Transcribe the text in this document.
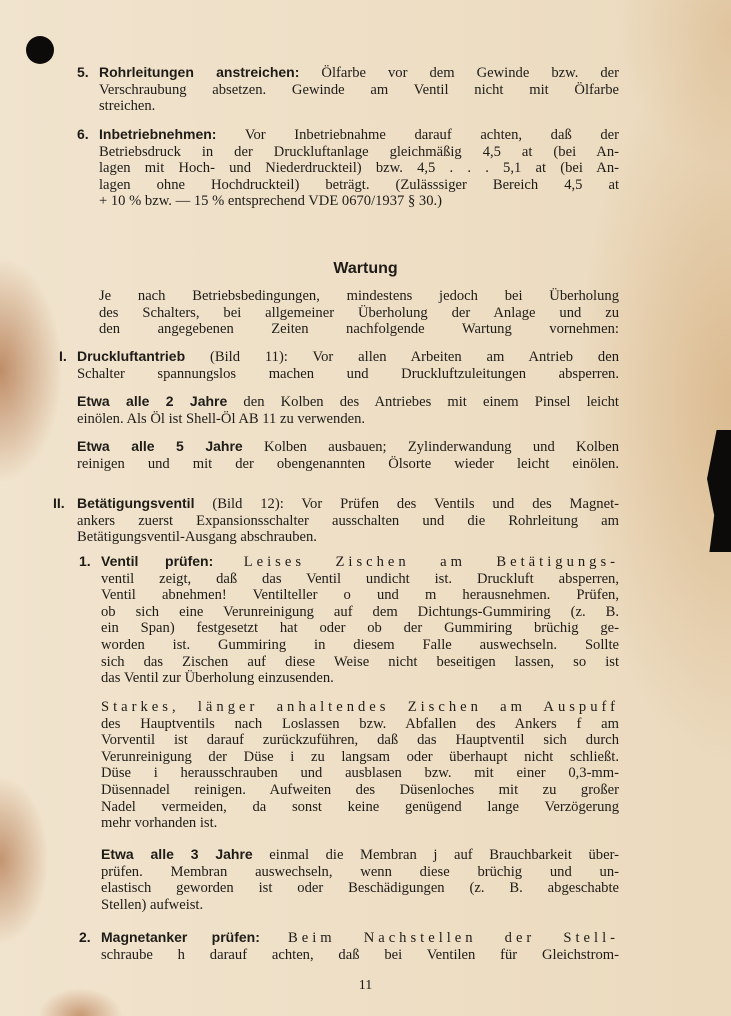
5. Rohrleitungen anstreichen: Ölfarbe vor dem Gewinde bzw. der
Verschraubung absetzen. Gewinde am Ventil nicht mit Ölfarbe
streichen.
6. Inbetriebnehmen: Vor Inbetriebnahme darauf achten, daß der
Betriebsdruck in der Druckluftanlage gleichmäßig 4,5 at (bei An-
lagen mit Hoch- und Niederdruckteil) bzw. 4,5 . . . 5,1 at (bei An-
lagen ohne Hochdruckteil) beträgt. (Zulässsiger Bereich 4,5 at
+ 10 % bzw. — 15 % entsprechend VDE 0670/1937 § 30.)
Wartung
Je nach Betriebsbedingungen, mindestens jedoch bei Überholung
des Schalters, bei allgemeiner Überholung der Anlage und zu
den angegebenen Zeiten nachfolgende Wartung vornehmen:
I. Druckluftantrieb (Bild 11): Vor allen Arbeiten am Antrieb den
Schalter spannungslos machen und Druckluftzuleitungen absperren.
Etwa alle 2 Jahre den Kolben des Antriebes mit einem Pinsel leicht
einölen. Als Öl ist Shell-Öl AB 11 zu verwenden.
Etwa alle 5 Jahre Kolben ausbauen; Zylinderwandung und Kolben
reinigen und mit der obengenannten Ölsorte wieder leicht einölen.
II. Betätigungsventil (Bild 12): Vor Prüfen des Ventils und des Magnet-
ankers zuerst Expansionsschalter ausschalten und die Rohrleitung am
Betätigungsventil-Ausgang abschrauben.
1. Ventil prüfen: Leises Zischen am Betätigungs-
ventil zeigt, daß das Ventil undicht ist. Druckluft absperren,
Ventil abnehmen! Ventilteller o und m herausnehmen. Prüfen,
ob sich eine Verunreinigung auf dem Dichtungs-Gummiring (z. B.
ein Span) festgesetzt hat oder ob der Gummiring brüchig ge-
worden ist. Gummiring in diesem Falle auswechseln. Sollte
sich das Zischen auf diese Weise nicht beseitigen lassen, so ist
das Ventil zur Überholung einzusenden.
Starkes, länger anhaltendes Zischen am Auspuff
des Hauptventils nach Loslassen bzw. Abfallen des Ankers f am
Vorventil ist darauf zurückzuführen, daß das Hauptventil sich durch
Verunreinigung der Düse i zu langsam oder überhaupt nicht schließt.
Düse i herausschrauben und ausblasen bzw. mit einer 0,3-mm-
Düsennadel reinigen. Aufweiten des Düsenloches mit zu großer
Nadel vermeiden, da sonst keine genügend lange Verzögerung
mehr vorhanden ist.
Etwa alle 3 Jahre einmal die Membran j auf Brauchbarkeit über-
prüfen. Membran auswechseln, wenn diese brüchig und un-
elastisch geworden ist oder Beschädigungen (z. B. abgeschabte
Stellen) aufweist.
2. Magnetanker prüfen: Beim Nachstellen der Stell-
schraube h darauf achten, daß bei Ventilen für Gleichstrom-
11
